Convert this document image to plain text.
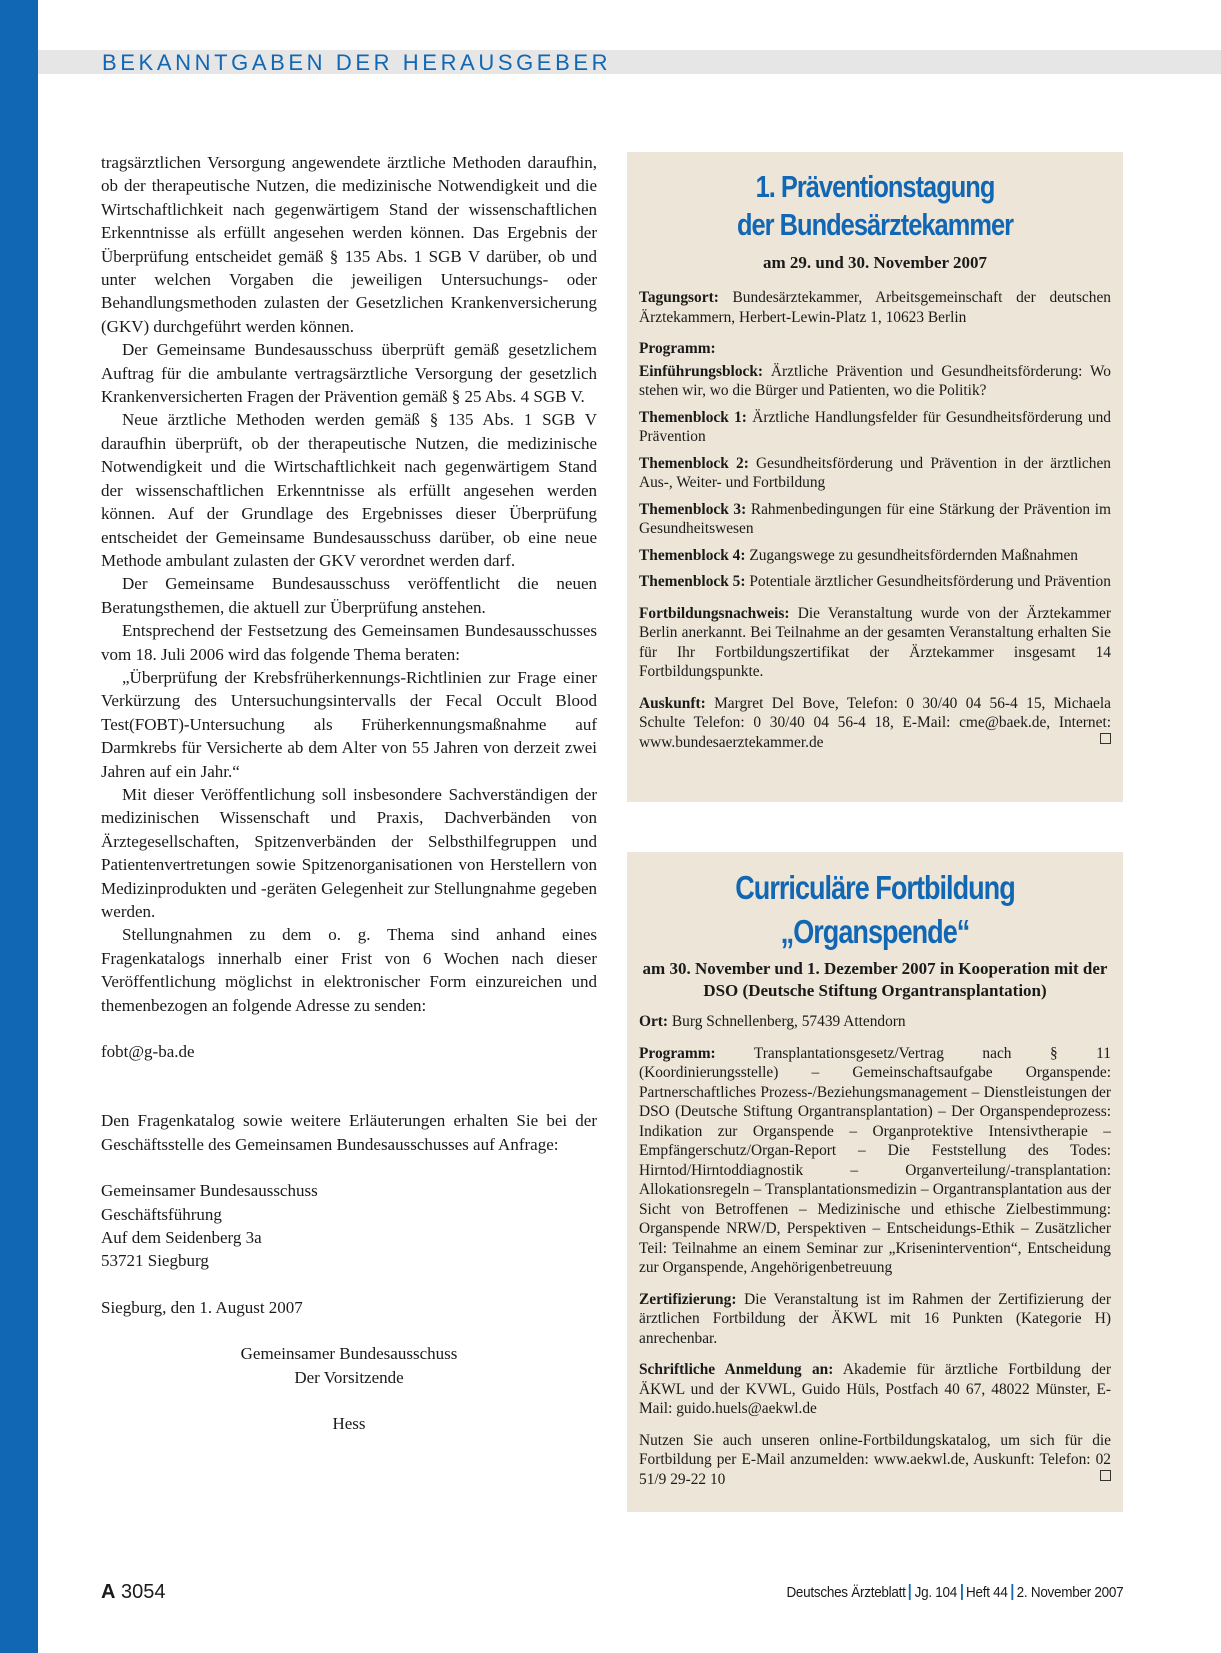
BEKANNTGABEN DER HERAUSGEBER

tragsärztlichen Versorgung angewendete ärztliche Methoden daraufhin, ob der therapeutische Nutzen, die medizinische Notwendigkeit und die Wirtschaftlichkeit nach gegenwärtigem Stand der wissenschaftlichen Erkenntnisse als erfüllt angesehen werden können. Das Ergebnis der Überprüfung entscheidet gemäß § 135 Abs. 1 SGB V darüber, ob und unter welchen Vorgaben die jeweiligen Untersuchungs- oder Behandlungsmethoden zulasten der Gesetzlichen Krankenversicherung (GKV) durchgeführt werden können.

Der Gemeinsame Bundesausschuss überprüft gemäß gesetzlichem Auftrag für die ambulante vertragsärztliche Versorgung der gesetzlich Krankenversicherten Fragen der Prävention gemäß § 25 Abs. 4 SGB V.

Neue ärztliche Methoden werden gemäß § 135 Abs. 1 SGB V daraufhin überprüft, ob der therapeutische Nutzen, die medizinische Notwendigkeit und die Wirtschaftlichkeit nach gegenwärtigem Stand der wissenschaftlichen Erkenntnisse als erfüllt angesehen werden können. Auf der Grundlage des Ergebnisses dieser Überprüfung entscheidet der Gemeinsame Bundesausschuss darüber, ob eine neue Methode ambulant zulasten der GKV verordnet werden darf.

Der Gemeinsame Bundesausschuss veröffentlicht die neuen Beratungsthemen, die aktuell zur Überprüfung anstehen.

Entsprechend der Festsetzung des Gemeinsamen Bundesausschusses vom 18. Juli 2006 wird das folgende Thema beraten:

„Überprüfung der Krebsfrüherkennungs-Richtlinien zur Frage einer Verkürzung des Untersuchungsintervalls der Fecal Occult Blood Test(FOBT)-Untersuchung als Früherkennungsmaßnahme auf Darmkrebs für Versicherte ab dem Alter von 55 Jahren von derzeit zwei Jahren auf ein Jahr.“

Mit dieser Veröffentlichung soll insbesondere Sachverständigen der medizinischen Wissenschaft und Praxis, Dachverbänden von Ärztegesellschaften, Spitzenverbänden der Selbsthilfegruppen und Patientenvertretungen sowie Spitzenorganisationen von Herstellern von Medizinprodukten und -geräten Gelegenheit zur Stellungnahme gegeben werden.

Stellungnahmen zu dem o. g. Thema sind anhand eines Fragenkatalogs innerhalb einer Frist von 6 Wochen nach dieser Veröffentlichung möglichst in elektronischer Form einzureichen und themenbezogen an folgende Adresse zu senden:

fobt@g-ba.de

Den Fragenkatalog sowie weitere Erläuterungen erhalten Sie bei der Geschäftsstelle des Gemeinsamen Bundesausschusses auf Anfrage:

Gemeinsamer Bundesausschuss

Geschäftsführung

Auf dem Seidenberg 3a

53721 Siegburg

Siegburg, den 1. August 2007

Gemeinsamer Bundesausschuss

Der Vorsitzende

Hess

1. Präventionstagung
der Bundesärztekammer
am 29. und 30. November 2007

Tagungsort: Bundesärztekammer, Arbeitsgemeinschaft der deutschen Ärztekammern, Herbert-Lewin-Platz 1, 10623 Berlin

Programm:

Einführungsblock: Ärztliche Prävention und Gesundheitsförderung: Wo stehen wir, wo die Bürger und Patienten, wo die Politik?

Themenblock 1: Ärztliche Handlungsfelder für Gesundheitsförderung und Prävention

Themenblock 2: Gesundheitsförderung und Prävention in der ärztlichen Aus-, Weiter- und Fortbildung

Themenblock 3: Rahmenbedingungen für eine Stärkung der Prävention im Gesundheitswesen

Themenblock 4: Zugangswege zu gesundheitsfördernden Maßnahmen

Themenblock 5: Potentiale ärztlicher Gesundheitsförderung und Prävention

Fortbildungsnachweis: Die Veranstaltung wurde von der Ärztekammer Berlin anerkannt. Bei Teilnahme an der gesamten Veranstaltung erhalten Sie für Ihr Fortbildungszertifikat der Ärztekammer insgesamt 14 Fortbildungspunkte.

Auskunft: Margret Del Bove, Telefon: 0 30/40 04 56-4 15, Michaela Schulte Telefon: 0 30/40 04 56-4 18, E-Mail: cme@baek.de, Internet: www.bundesaerztekammer.de

Curriculäre Fortbildung
„Organspende“
am 30. November und 1. Dezember 2007 in Kooperation mit der DSO (Deutsche Stiftung Organtransplantation)

Ort: Burg Schnellenberg, 57439 Attendorn

Programm: Transplantationsgesetz/Vertrag nach § 11 (Koordinierungsstelle) – Gemeinschaftsaufgabe Organspende: Partnerschaftliches Prozess-/Beziehungsmanagement – Dienstleistungen der DSO (Deutsche Stiftung Organtransplantation) – Der Organspendeprozess: Indikation zur Organspende – Organprotektive Intensivtherapie – Empfängerschutz/Organ-Report – Die Feststellung des Todes: Hirntod/Hirntoddiagnostik – Organverteilung/-transplantation: Allokationsregeln – Transplantationsmedizin – Organtransplantation aus der Sicht von Betroffenen – Medizinische und ethische Zielbestimmung: Organspende NRW/D, Perspektiven – Entscheidungs-Ethik – Zusätzlicher Teil: Teilnahme an einem Seminar zur „Krisenintervention“, Entscheidung zur Organspende, Angehörigenbetreuung

Zertifizierung: Die Veranstaltung ist im Rahmen der Zertifizierung der ärztlichen Fortbildung der ÄKWL mit 16 Punkten (Kategorie H) anrechenbar.

Schriftliche Anmeldung an: Akademie für ärztliche Fortbildung der ÄKWL und der KVWL, Guido Hüls, Postfach 40 67, 48022 Münster, E-Mail: guido.huels@aekwl.de

Nutzen Sie auch unseren online-Fortbildungskatalog, um sich für die Fortbildung per E-Mail anzumelden: www.aekwl.de, Auskunft: Telefon: 02 51/9 29-22 10

A 3054	Deutsches Ärzteblatt Jg. 104 Heft 44 2. November 2007
